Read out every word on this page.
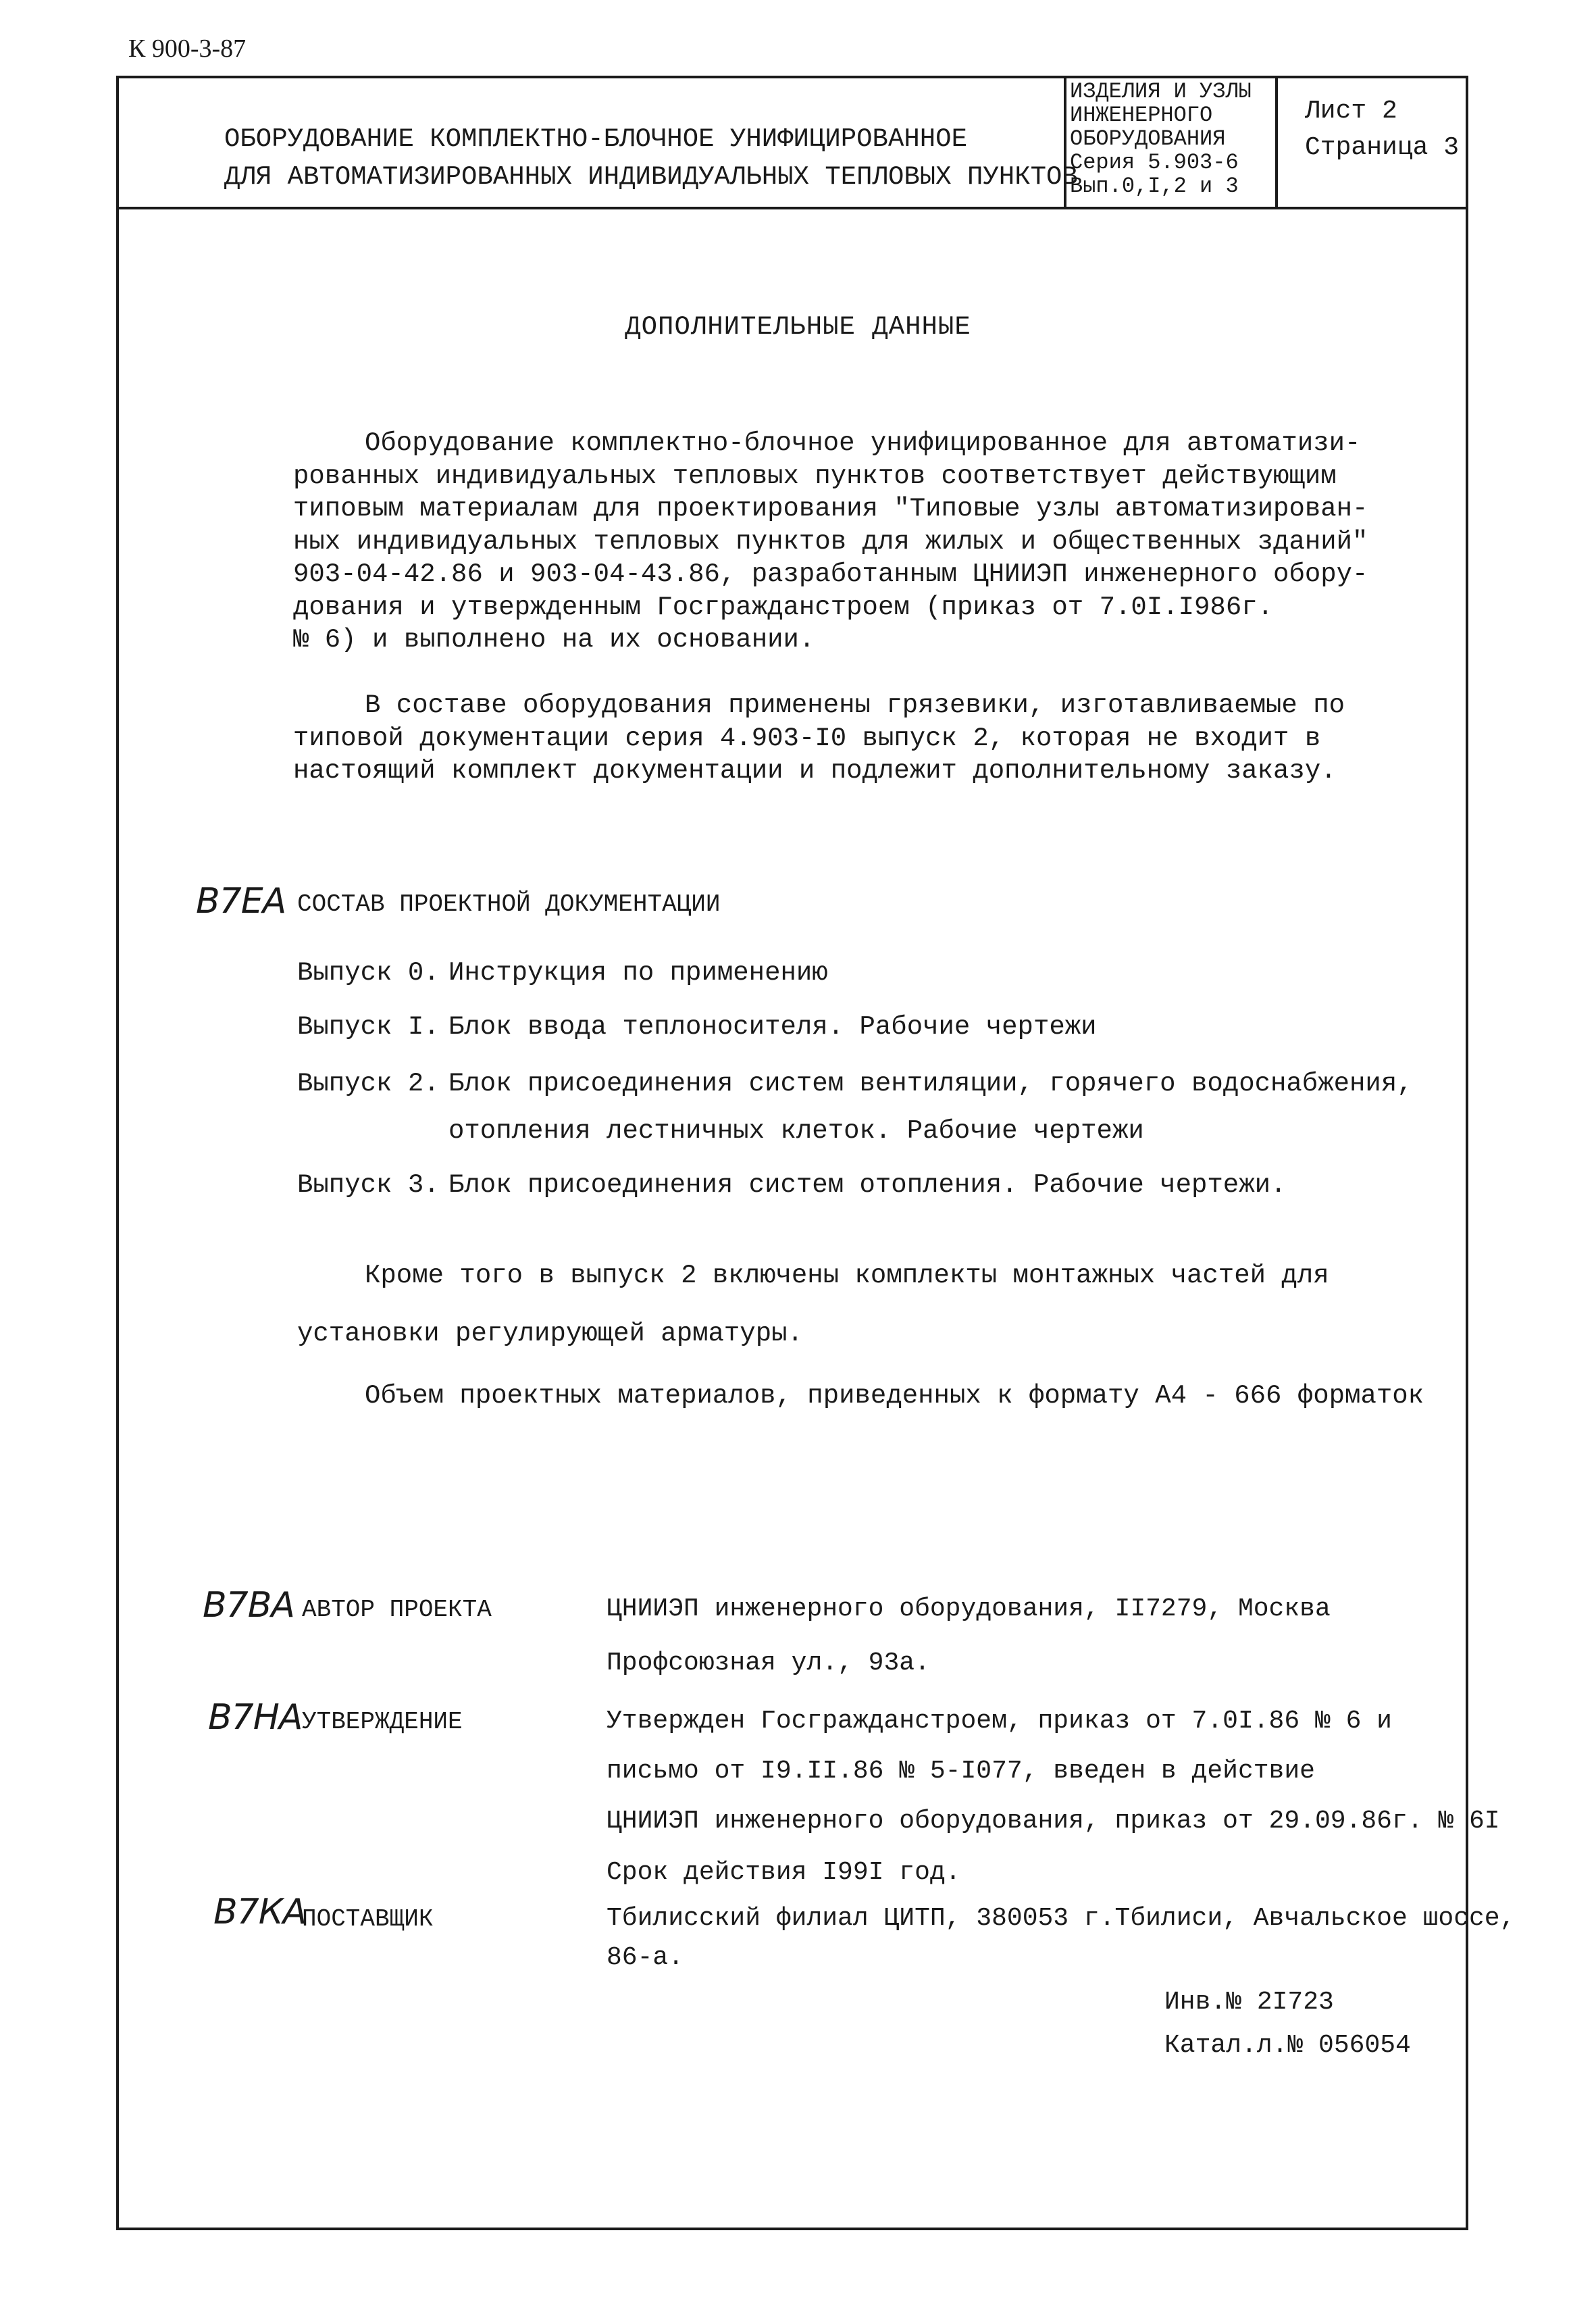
К 900-3-87
ОБОРУДОВАНИЕ КОМПЛЕКТНО-БЛОЧНОЕ УНИФИЦИРОВАННОЕ
ДЛЯ АВТОМАТИЗИРОВАННЫХ ИНДИВИДУАЛЬНЫХ ТЕПЛОВЫХ ПУНКТОВ
ИЗДЕЛИЯ И УЗЛЫ
ИНЖЕНЕРНОГО
ОБОРУДОВАНИЯ
Серия 5.903-6
Вып.0,I,2 и 3
Лист 2
Страница 3
ДОПОЛНИТЕЛЬНЫЕ ДАННЫЕ
Оборудование комплектно-блочное унифицированное для автоматизи-
рованных индивидуальных тепловых пунктов соответствует действующим
типовым материалам для проектирования "Типовые узлы автоматизирован-
ных индивидуальных тепловых пунктов для жилых и общественных зданий"
903-04-42.86 и 903-04-43.86, разработанным ЦНИИЭП инженерного обору-
дования и утвержденным Госгражданстроем (приказ от 7.0I.I986г.
№ 6) и выполнено на их основании.
В составе оборудования применены грязевики, изготавливаемые по
типовой документации серия 4.903-I0 выпуск 2, которая не входит в
настоящий комплект документации и подлежит дополнительному заказу.
В7ЕА СОСТАВ ПРОЕКТНОЙ ДОКУМЕНТАЦИИ
Выпуск 0. Инструкция по применению
Выпуск I. Блок ввода теплоносителя. Рабочие чертежи
Выпуск 2. Блок присоединения систем вентиляции, горячего водоснабжения,
отопления лестничных клеток. Рабочие чертежи
Выпуск 3. Блок присоединения систем отопления. Рабочие чертежи.
Кроме того в выпуск 2 включены комплекты монтажных частей для
установки регулирующей арматуры.
Объем проектных материалов, приведенных к формату А4 - 666 форматок
В7ВА АВТОР ПРОЕКТА	ЦНИИЭП инженерного оборудования, II7279, Москва
Профсоюзная ул., 93а.
В7НА УТВЕРЖДЕНИЕ	Утвержден Госгражданстроем, приказ от 7.0I.86 № 6 и
письмо от I9.II.86 № 5-I077, введен в действие
ЦНИИЭП инженерного оборудования, приказ от 29.09.86г. № 6I
Срок действия I99I год.
В7КА
ПОСТАВЩИК	Тбилисский филиал ЦИТП, 380053 г.Тбилиси, Авчальское шоссе,
86-а.
Инв.№ 2I723
Катал.л.№ 056054
